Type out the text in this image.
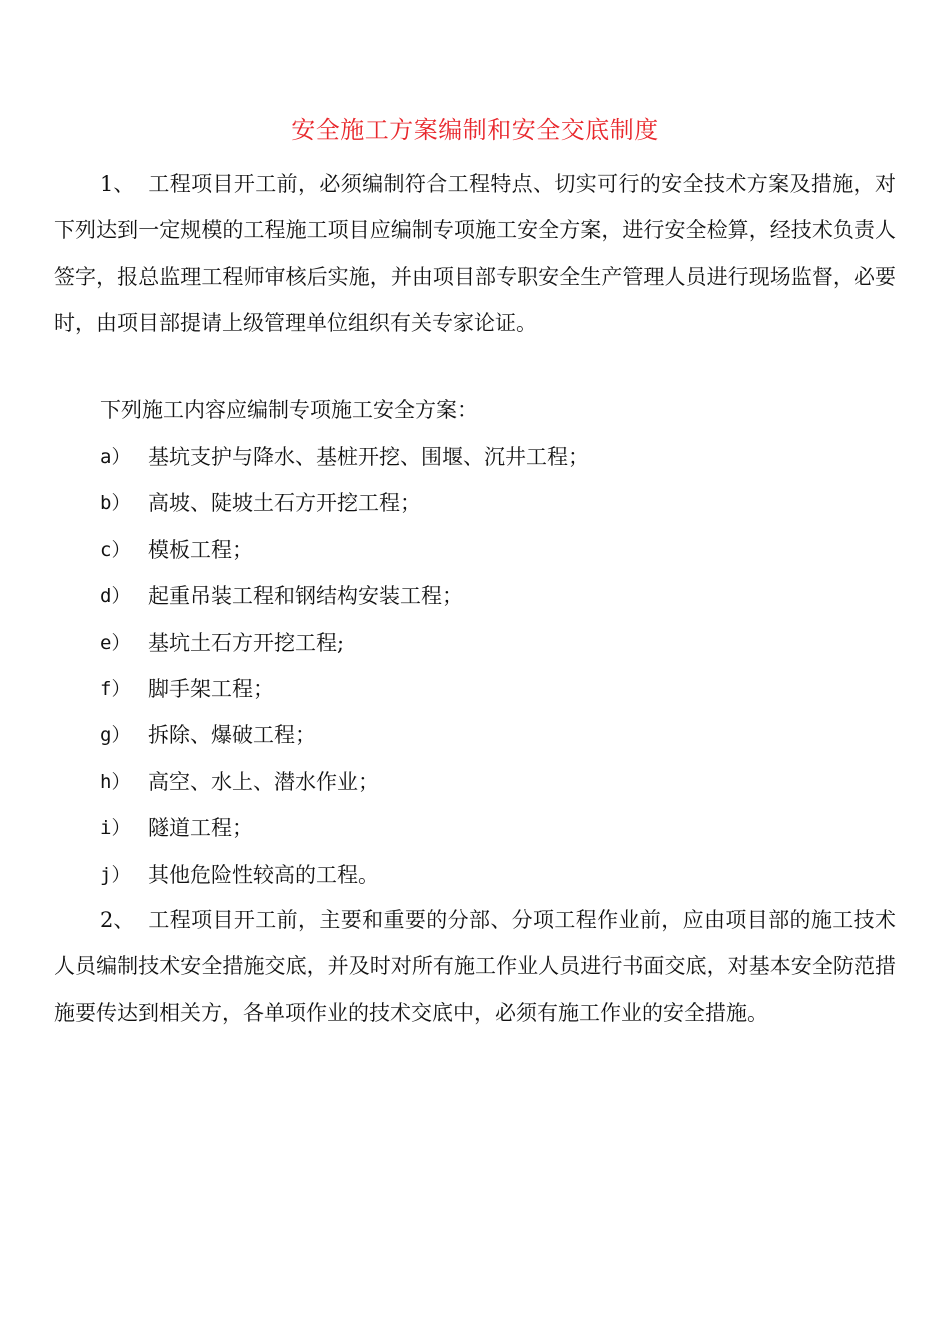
安全施工方案编制和安全交底制度
1、 工程项目开工前，必须编制符合工程特点、切实可行的安全技术方案及措施，对下列达到一定规模的工程施工项目应编制专项施工安全方案，进行安全检算，经技术负责人签字，报总监理工程师审核后实施，并由项目部专职安全生产管理人员进行现场监督，必要时，由项目部提请上级管理单位组织有关专家论证。
下列施工内容应编制专项施工安全方案：
a） 基坑支护与降水、基桩开挖、围堰、沉井工程；
b） 高坡、陡坡土石方开挖工程；
c） 模板工程；
d） 起重吊装工程和钢结构安装工程；
e） 基坑土石方开挖工程;
f） 脚手架工程；
g） 拆除、爆破工程；
h） 高空、水上、潜水作业；
i） 隧道工程；
j） 其他危险性较高的工程。
2、 工程项目开工前，主要和重要的分部、分项工程作业前，应由项目部的施工技术人员编制技术安全措施交底，并及时对所有施工作业人员进行书面交底，对基本安全防范措施要传达到相关方，各单项作业的技术交底中，必须有施工作业的安全措施。
